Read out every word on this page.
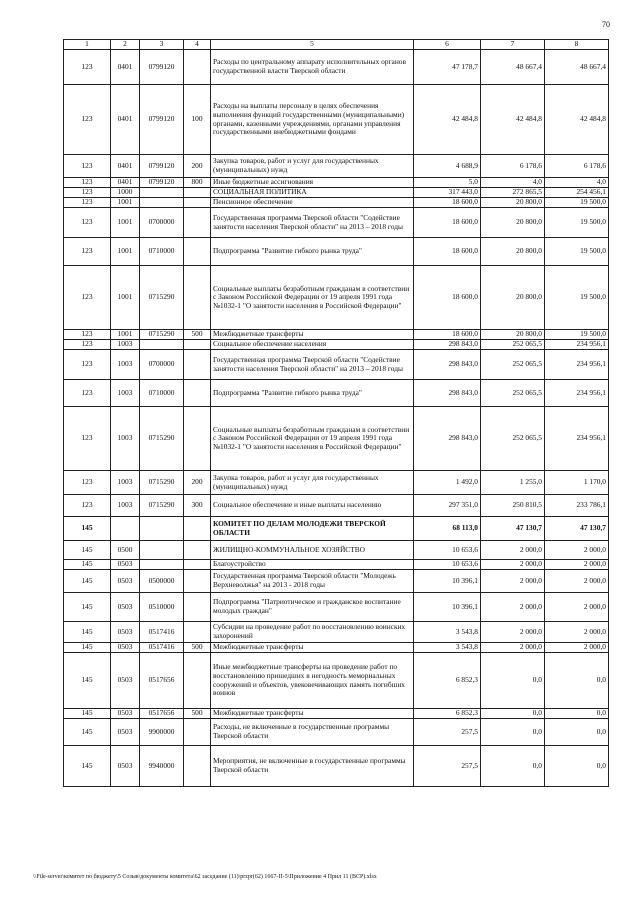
70
1	2	3	4	5	6	7	8
123	0401	0799120		Расходы по центральному аппарату исполнительных органов государственной власти Тверской области	47 178,7	48 667,4	48 667,4
123	0401	0799120	100	Расходы на выплаты персоналу в целях обеспечения выполнения функций государственными (муниципальными) органами, казенными учреждениями, органами управления государственными внебюджетными фондами	42 484,8	42 484,8	42 484,8
123	0401	0799120	200	Закупка товаров, работ и услуг для государственных (муниципальных) нужд	4 688,9	6 178,6	6 178,6
123	0401	0799120	800	Иные бюджетные ассигнования	5,0	4,0	4,0
123	1000			СОЦИАЛЬНАЯ ПОЛИТИКА	317 443,0	272 865,5	254 456,1
123	1001			Пенсионное обеспечение	18 600,0	20 800,0	19 500,0
123	1001	0700000		Государственная программа Тверской области "Содействие занятости населения Тверской области" на 2013 – 2018 годы	18 600,0	20 800,0	19 500,0
123	1001	0710000		Подпрограмма "Развитие гибкого рынка труда"	18 600,0	20 800,0	19 500,0
123	1001	0715290		Социальные выплаты безработным гражданам в соответствии с Законом Российской Федерации от 19 апреля 1991 года №1032-1 "О занятости населения в Российской Федерации"	18 600,0	20 800,0	19 500,0
123	1001	0715290	500	Межбюджетные трансферты	18 600,0	20 800,0	19 500,0
123	1003			Социальное обеспечение населения	298 843,0	252 065,5	234 956,1
123	1003	0700000		Государственная программа Тверской области "Содействие занятости населения Тверской области" на 2013 – 2018 годы	298 843,0	252 065,5	234 956,1
123	1003	0710000		Подпрограмма "Развитие гибкого рынка труда"	298 843,0	252 065,5	234 956,1
123	1003	0715290		Социальные выплаты безработным гражданам в соответствии с Законом Российской Федерации от 19 апреля 1991 года №1032-1 "О занятости населения в Российской Федерации"	298 843,0	252 065,5	234 956,1
123	1003	0715290	200	Закупка товаров, работ и услуг для государственных (муниципальных) нужд	1 492,0	1 255,0	1 170,0
123	1003	0715290	300	Социальное обеспечение и иные выплаты населению	297 351,0	250 810,5	233 786,1
145				КОМИТЕТ ПО ДЕЛАМ МОЛОДЕЖИ ТВЕРСКОЙ ОБЛАСТИ	68 113,0	47 130,7	47 130,7
145	0500			ЖИЛИЩНО-КОММУНАЛЬНОЕ ХОЗЯЙСТВО	10 653,6	2 000,0	2 000,0
145	0503			Благоустройство	10 653,6	2 000,0	2 000,0
145	0503	0500000		Государственная программа Тверской области "Молодежь Верхневолжья" на 2013 - 2018 годы	10 396,1	2 000,0	2 000,0
145	0503	0510000		Подпрограмма "Патриотическое и гражданское воспитание молодых граждан"	10 396,1	2 000,0	2 000,0
145	0503	0517416		Субсидии на проведение работ по восстановлению воинских захоронений	3 543,8	2 000,0	2 000,0
145	0503	0517416	500	Межбюджетные трансферты	3 543,8	2 000,0	2 000,0
145	0503	0517656		Иные межбюджетные трансферты на проведение работ по восстановлению пришедших в негодность мемориальных сооружений и объектов, увековечивающих память погибших воинов	6 852,3	0,0	0,0
145	0503	0517656	500	Межбюджетные трансферты	6 852,3	0,0	0,0
145	0503	9900000		Расходы, не включенные в государственные программы Тверской области	257,5	0,0	0,0
145	0503	9940000		Мероприятия, не включенные в государственные программы Тверской области	257,5	0,0	0,0
\\File-server\комитет по бюджету\5 Созыв\документы комитета\62 заседание (11)\przpr(62) 1667-П-5\Приложение 4 Прил 11 (ВСР).xlsx
